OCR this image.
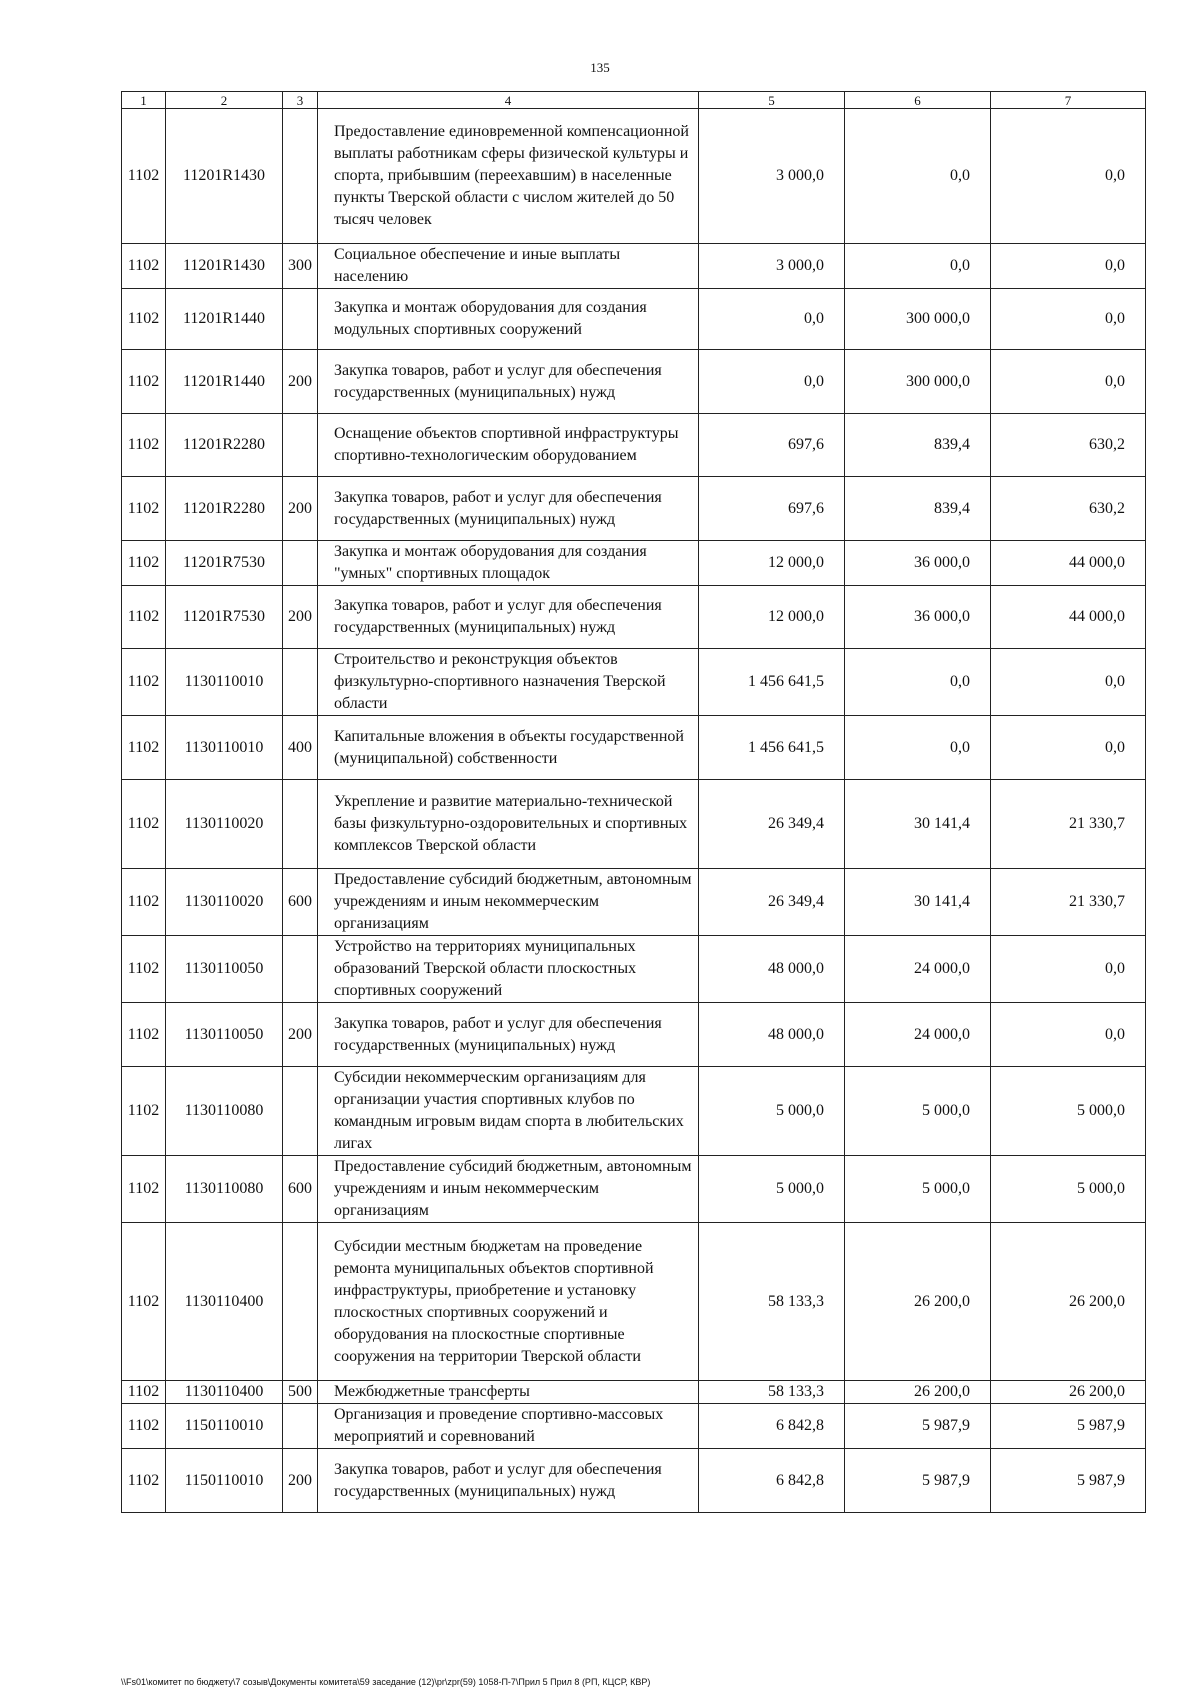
135
1	2	3	4	5	6	7
1102	11201R1430		Предоставление единовременной компенсационной выплаты работникам сферы физической культуры и спорта, прибывшим (переехавшим) в населенные пункты Тверской области с числом жителей до 50 тысяч человек	3 000,0	0,0	0,0
1102	11201R1430	300	Социальное обеспечение и иные выплаты населению	3 000,0	0,0	0,0
1102	11201R1440		Закупка и монтаж оборудования для создания модульных спортивных сооружений	0,0	300 000,0	0,0
1102	11201R1440	200	Закупка товаров, работ и услуг для обеспечения государственных (муниципальных) нужд	0,0	300 000,0	0,0
1102	11201R2280		Оснащение объектов спортивной инфраструктуры спортивно-технологическим оборудованием	697,6	839,4	630,2
1102	11201R2280	200	Закупка товаров, работ и услуг для обеспечения государственных (муниципальных) нужд	697,6	839,4	630,2
1102	11201R7530		Закупка и монтаж оборудования для создания "умных" спортивных площадок	12 000,0	36 000,0	44 000,0
1102	11201R7530	200	Закупка товаров, работ и услуг для обеспечения государственных (муниципальных) нужд	12 000,0	36 000,0	44 000,0
1102	1130110010		Строительство и реконструкция объектов физкультурно-спортивного назначения Тверской области	1 456 641,5	0,0	0,0
1102	1130110010	400	Капитальные вложения в объекты государственной (муниципальной) собственности	1 456 641,5	0,0	0,0
1102	1130110020		Укрепление и развитие материально-технической базы физкультурно-оздоровительных и спортивных комплексов Тверской области	26 349,4	30 141,4	21 330,7
1102	1130110020	600	Предоставление субсидий бюджетным, автономным учреждениям и иным некоммерческим организациям	26 349,4	30 141,4	21 330,7
1102	1130110050		Устройство на территориях муниципальных образований Тверской области плоскостных спортивных сооружений	48 000,0	24 000,0	0,0
1102	1130110050	200	Закупка товаров, работ и услуг для обеспечения государственных (муниципальных) нужд	48 000,0	24 000,0	0,0
1102	1130110080		Субсидии некоммерческим организациям для организации участия спортивных клубов по командным игровым видам спорта в любительских лигах	5 000,0	5 000,0	5 000,0
1102	1130110080	600	Предоставление субсидий бюджетным, автономным учреждениям и иным некоммерческим организациям	5 000,0	5 000,0	5 000,0
1102	1130110400		Субсидии местным бюджетам на проведение ремонта муниципальных объектов спортивной инфраструктуры, приобретение и установку плоскостных спортивных сооружений и оборудования на плоскостные спортивные сооружения на территории Тверской области	58 133,3	26 200,0	26 200,0
1102	1130110400	500	Межбюджетные трансферты	58 133,3	26 200,0	26 200,0
1102	1150110010		Организация и проведение спортивно-массовых мероприятий и соревнований	6 842,8	5 987,9	5 987,9
1102	1150110010	200	Закупка товаров, работ и услуг для обеспечения государственных (муниципальных) нужд	6 842,8	5 987,9	5 987,9
\\Fs01\комитет по бюджету\7 созыв\Документы комитета\59 заседание (12)\pr\zpr(59) 1058-П-7\Прил 5 Прил 8 (РП, КЦСР, КВР)
